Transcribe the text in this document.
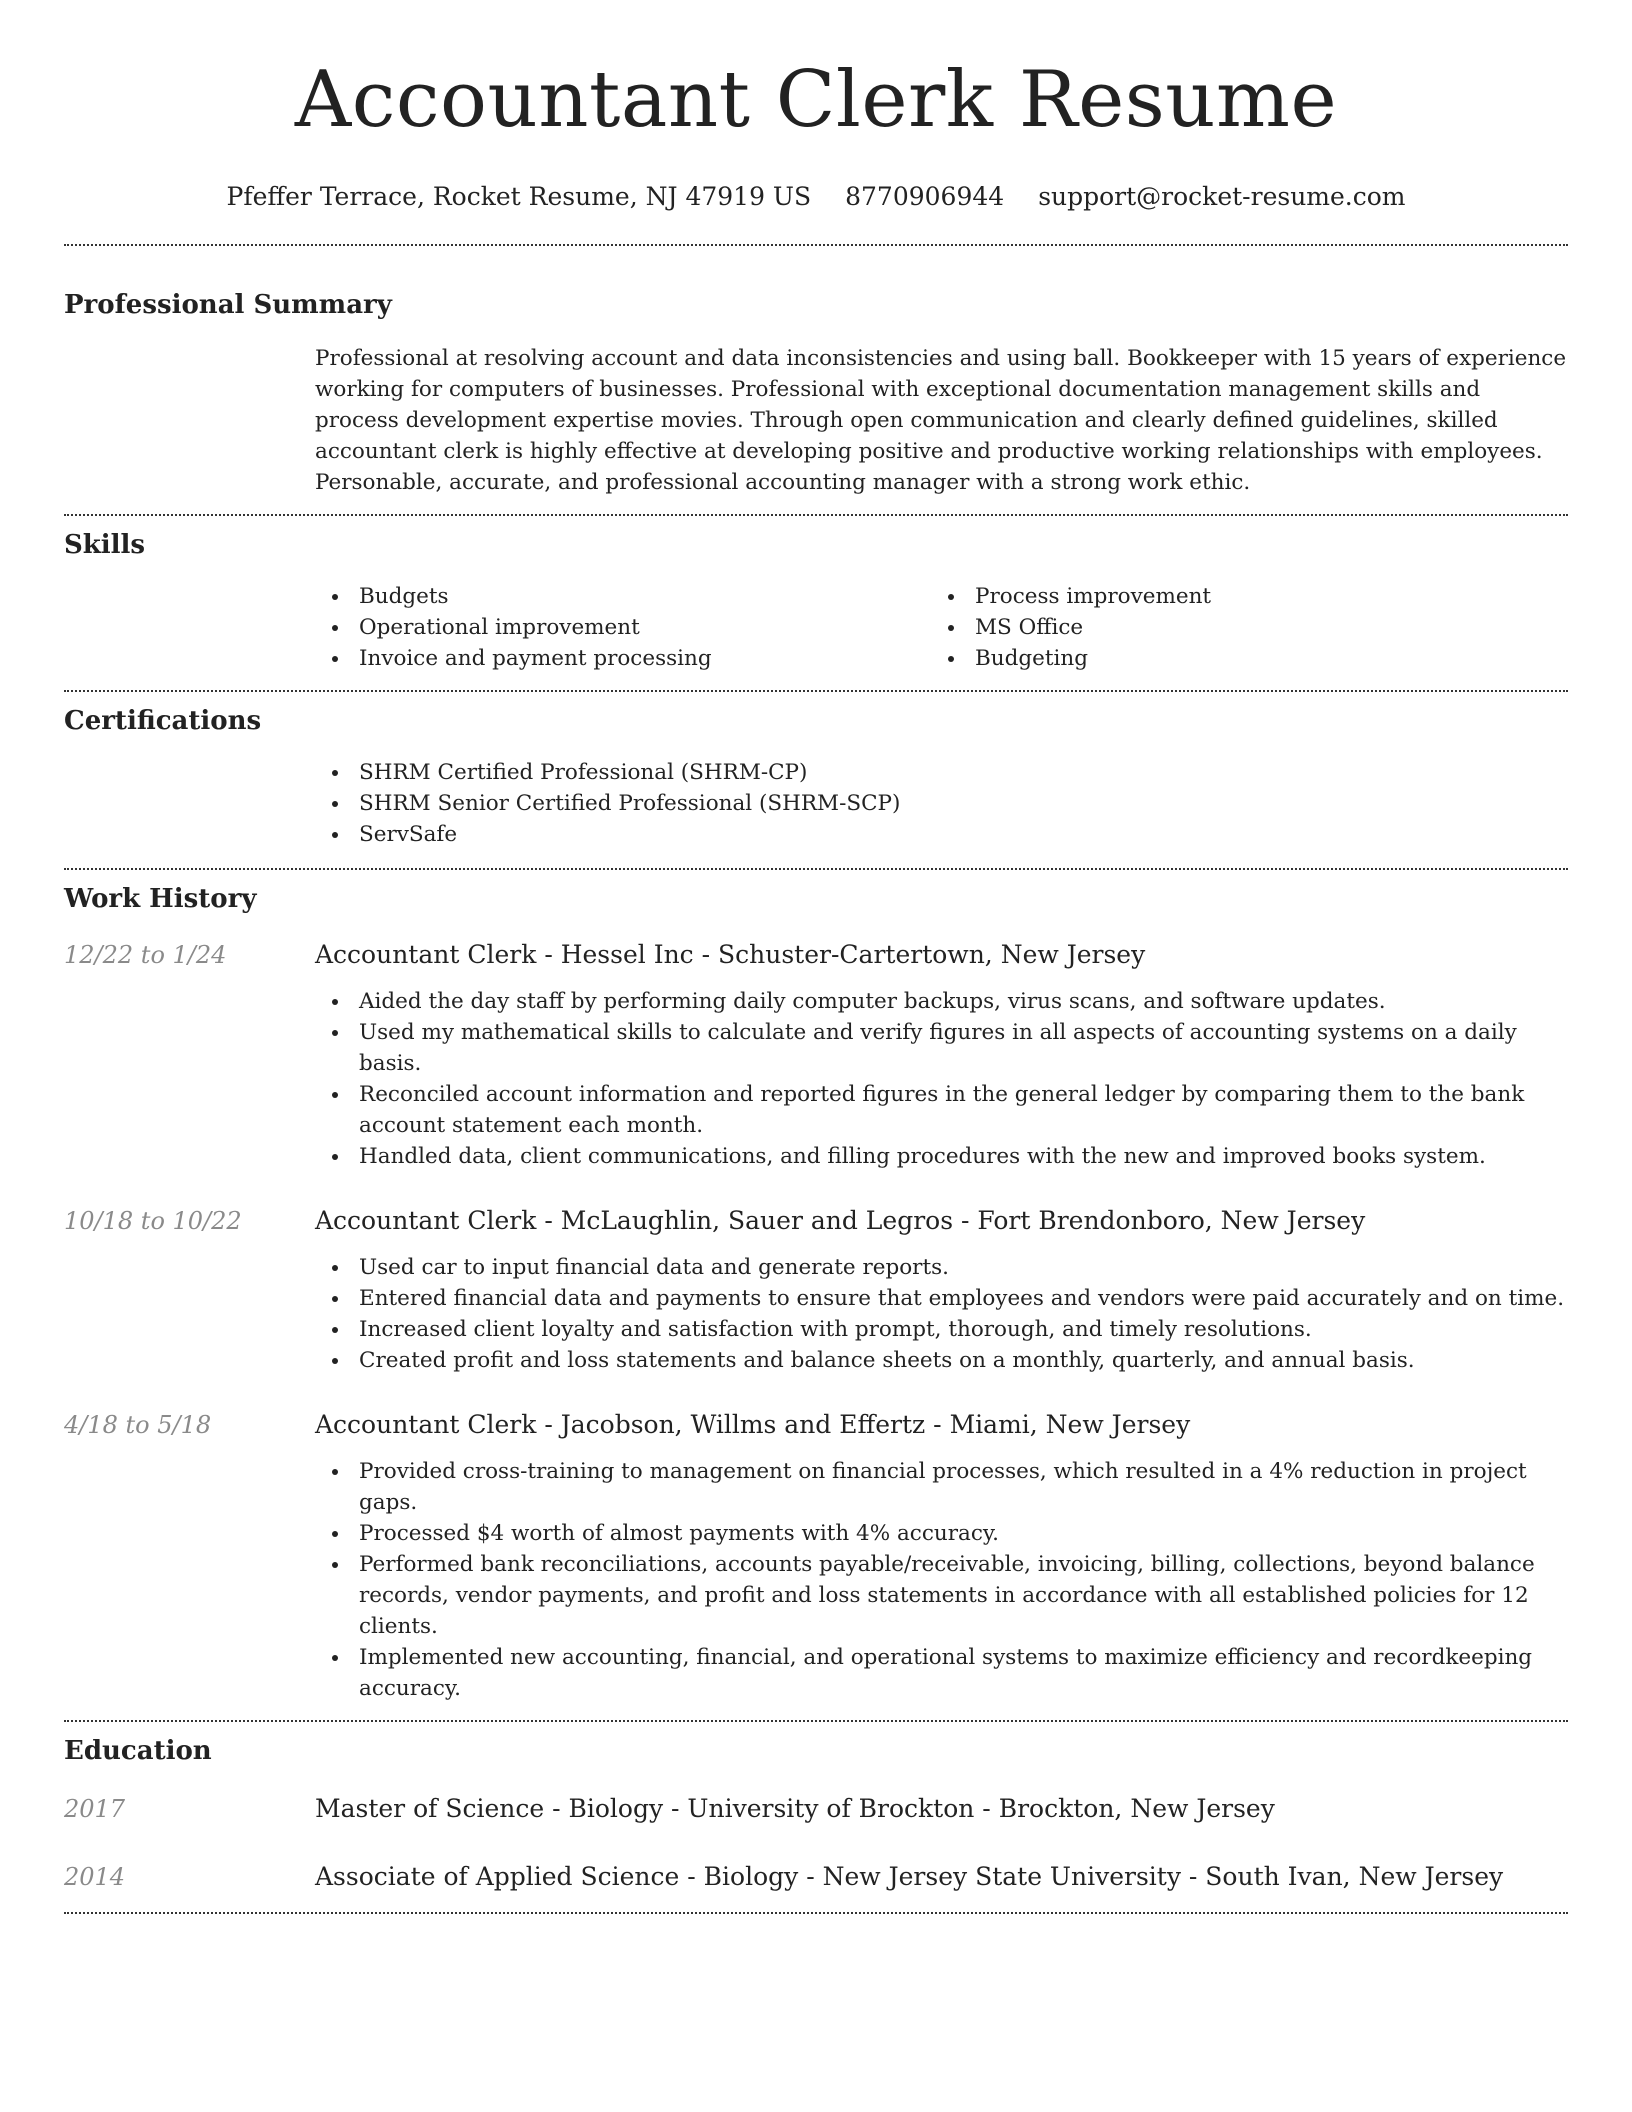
Accountant Clerk Resume
Pfeffer Terrace, Rocket Resume, NJ 47919 US 8770906944 support@rocket-resume.com
Professional Summary

Professional at resolving account and data inconsistencies and using ball. Bookkeeper with 15 years of experience working for computers of businesses. Professional with exceptional documentation management skills and process development expertise movies. Through open communication and clearly defined guidelines, skilled accountant clerk is highly effective at developing positive and productive working relationships with employees. Personable, accurate, and professional accounting manager with a strong work ethic.

Skills
Budgets
Operational improvement
Invoice and payment processing
Process improvement
MS Office
Budgeting
Certifications
SHRM Certified Professional (SHRM-CP)
SHRM Senior Certified Professional (SHRM-SCP)
ServSafe
Work History
12/22 to 1/24	Accountant Clerk - Hessel Inc - Schuster-Cartertown, New Jersey
Aided the day staff by performing daily computer backups, virus scans, and software updates.
Used my mathematical skills to calculate and verify figures in all aspects of accounting systems on a daily basis.
Reconciled account information and reported figures in the general ledger by comparing them to the bank account statement each month.
Handled data, client communications, and filling procedures with the new and improved books system.
10/18 to 10/22	Accountant Clerk - McLaughlin, Sauer and Legros - Fort Brendonboro, New Jersey
Used car to input financial data and generate reports.
Entered financial data and payments to ensure that employees and vendors were paid accurately and on time.
Increased client loyalty and satisfaction with prompt, thorough, and timely resolutions.
Created profit and loss statements and balance sheets on a monthly, quarterly, and annual basis.
4/18 to 5/18	Accountant Clerk - Jacobson, Willms and Effertz - Miami, New Jersey
Provided cross-training to management on financial processes, which resulted in a 4% reduction in project gaps.
Processed $4 worth of almost payments with 4% accuracy.
Performed bank reconciliations, accounts payable/receivable, invoicing, billing, collections, beyond balance records, vendor payments, and profit and loss statements in accordance with all established policies for 12 clients.
Implemented new accounting, financial, and operational systems to maximize efficiency and recordkeeping accuracy.
Education
2017	Master of Science - Biology - University of Brockton - Brockton, New Jersey
2014	Associate of Applied Science - Biology - New Jersey State University - South Ivan, New Jersey
